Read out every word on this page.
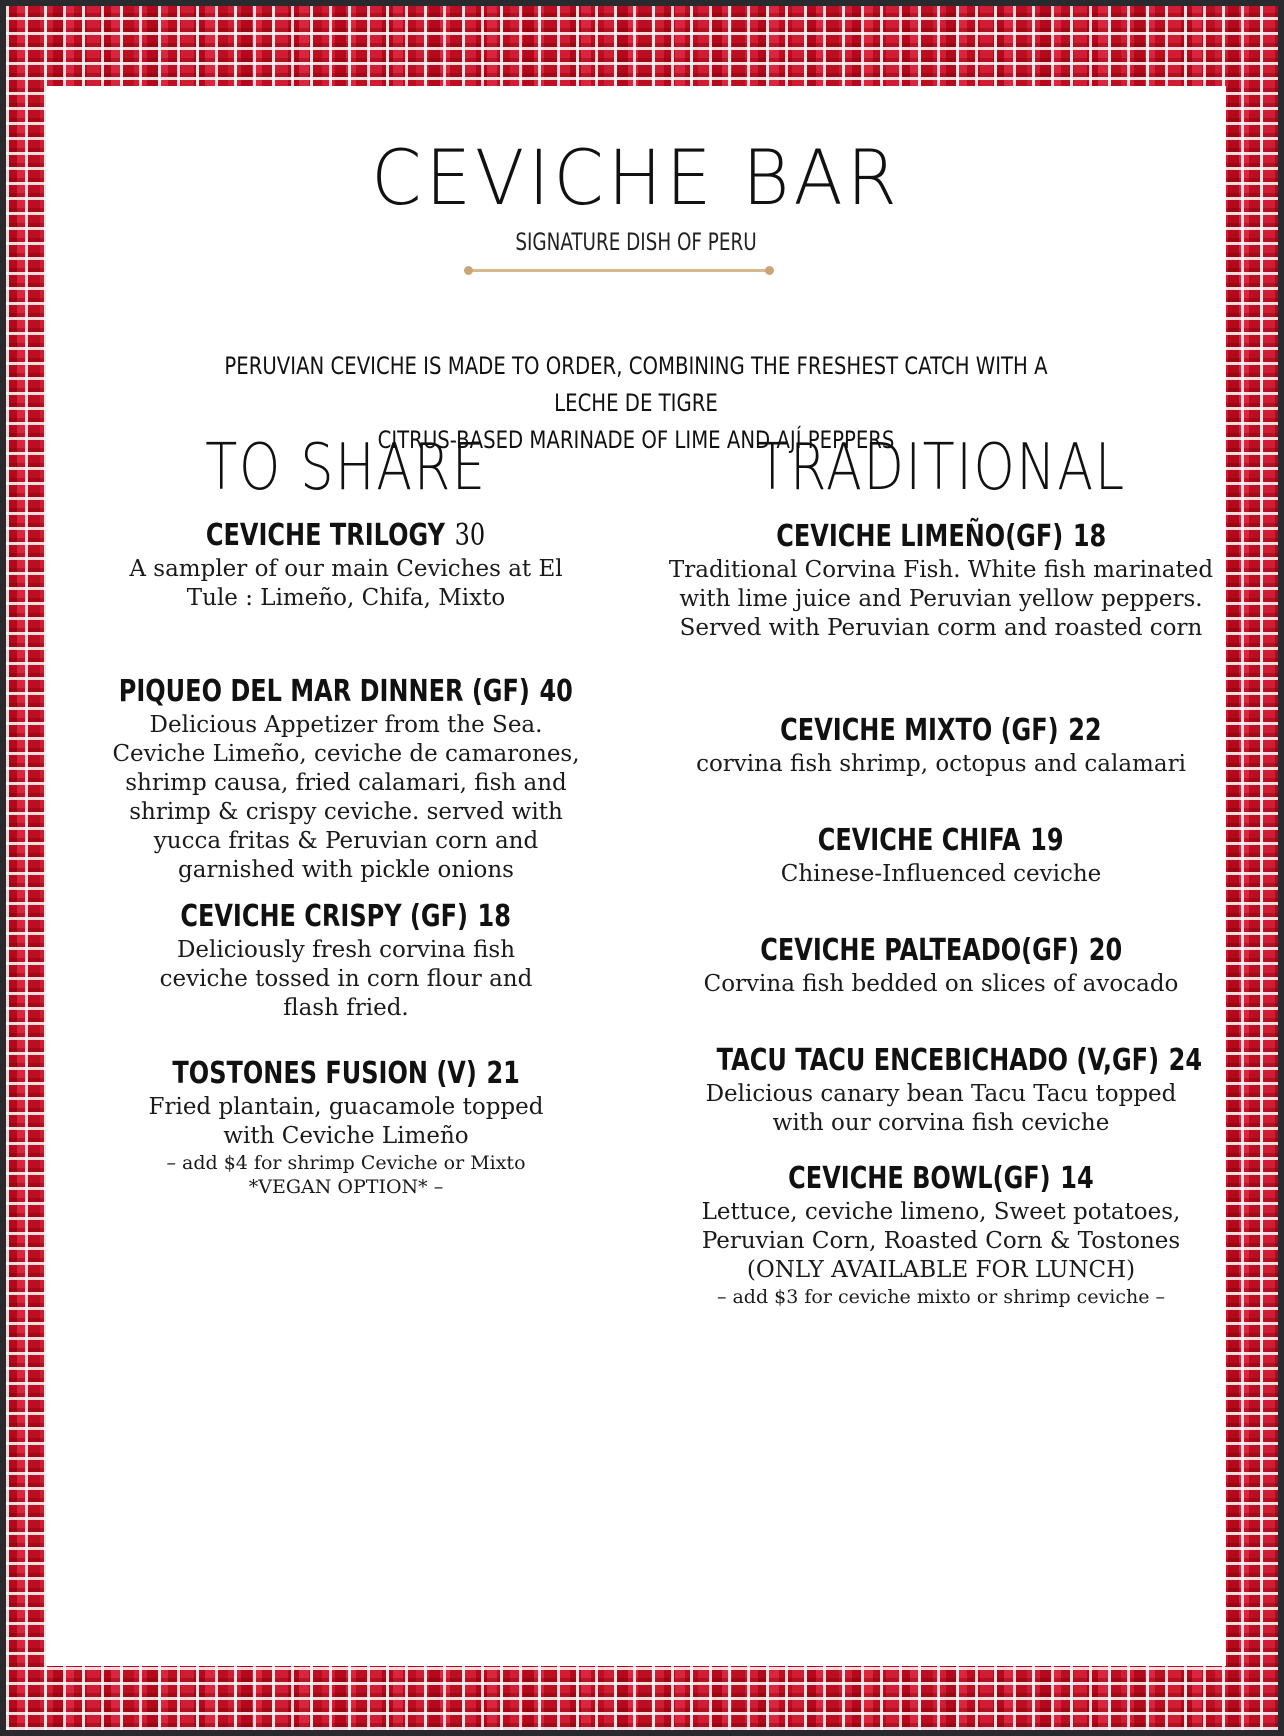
CEVICHE BAR
SIGNATURE DISH OF PERU
PERUVIAN CEVICHE IS MADE TO ORDER, COMBINING THE FRESHEST CATCH WITH A LECHE DE TIGRE
CITRUS-BASED MARINADE OF LIME AND AJÍ PEPPERS
TO SHARE
CEVICHE TRILOGY 30
A sampler of our main Ceviches at El Tule : Limeño, Chifa, Mixto
PIQUEO DEL MAR DINNER (GF) 40
Delicious Appetizer from the Sea. Ceviche Limeño, ceviche de camarones, shrimp causa, fried calamari, fish and shrimp & crispy ceviche. served with yucca fritas & Peruvian corn and garnished with pickle onions
CEVICHE CRISPY (GF) 18
Deliciously fresh corvina fish ceviche tossed in corn flour and flash fried.
TOSTONES FUSION (V) 21
Fried plantain, guacamole topped with Ceviche Limeño
– add $4 for shrimp Ceviche or Mixto *VEGAN OPTION* –
TRADITIONAL
CEVICHE LIMEÑO(GF) 18
Traditional Corvina Fish. White fish marinated with lime juice and Peruvian yellow peppers. Served with Peruvian corm and roasted corn
CEVICHE MIXTO (GF) 22
corvina fish shrimp, octopus and calamari
CEVICHE CHIFA 19
Chinese-Influenced ceviche
CEVICHE PALTEADO(GF) 20
Corvina fish bedded on slices of avocado
TACU TACU ENCEBICHADO (V,GF) 24
Delicious canary bean Tacu Tacu topped with our corvina fish ceviche
CEVICHE BOWL(GF) 14
Lettuce, ceviche limeno, Sweet potatoes, Peruvian Corn, Roasted Corn & Tostones (ONLY AVAILABLE FOR LUNCH)
– add $3 for ceviche mixto or shrimp ceviche –
